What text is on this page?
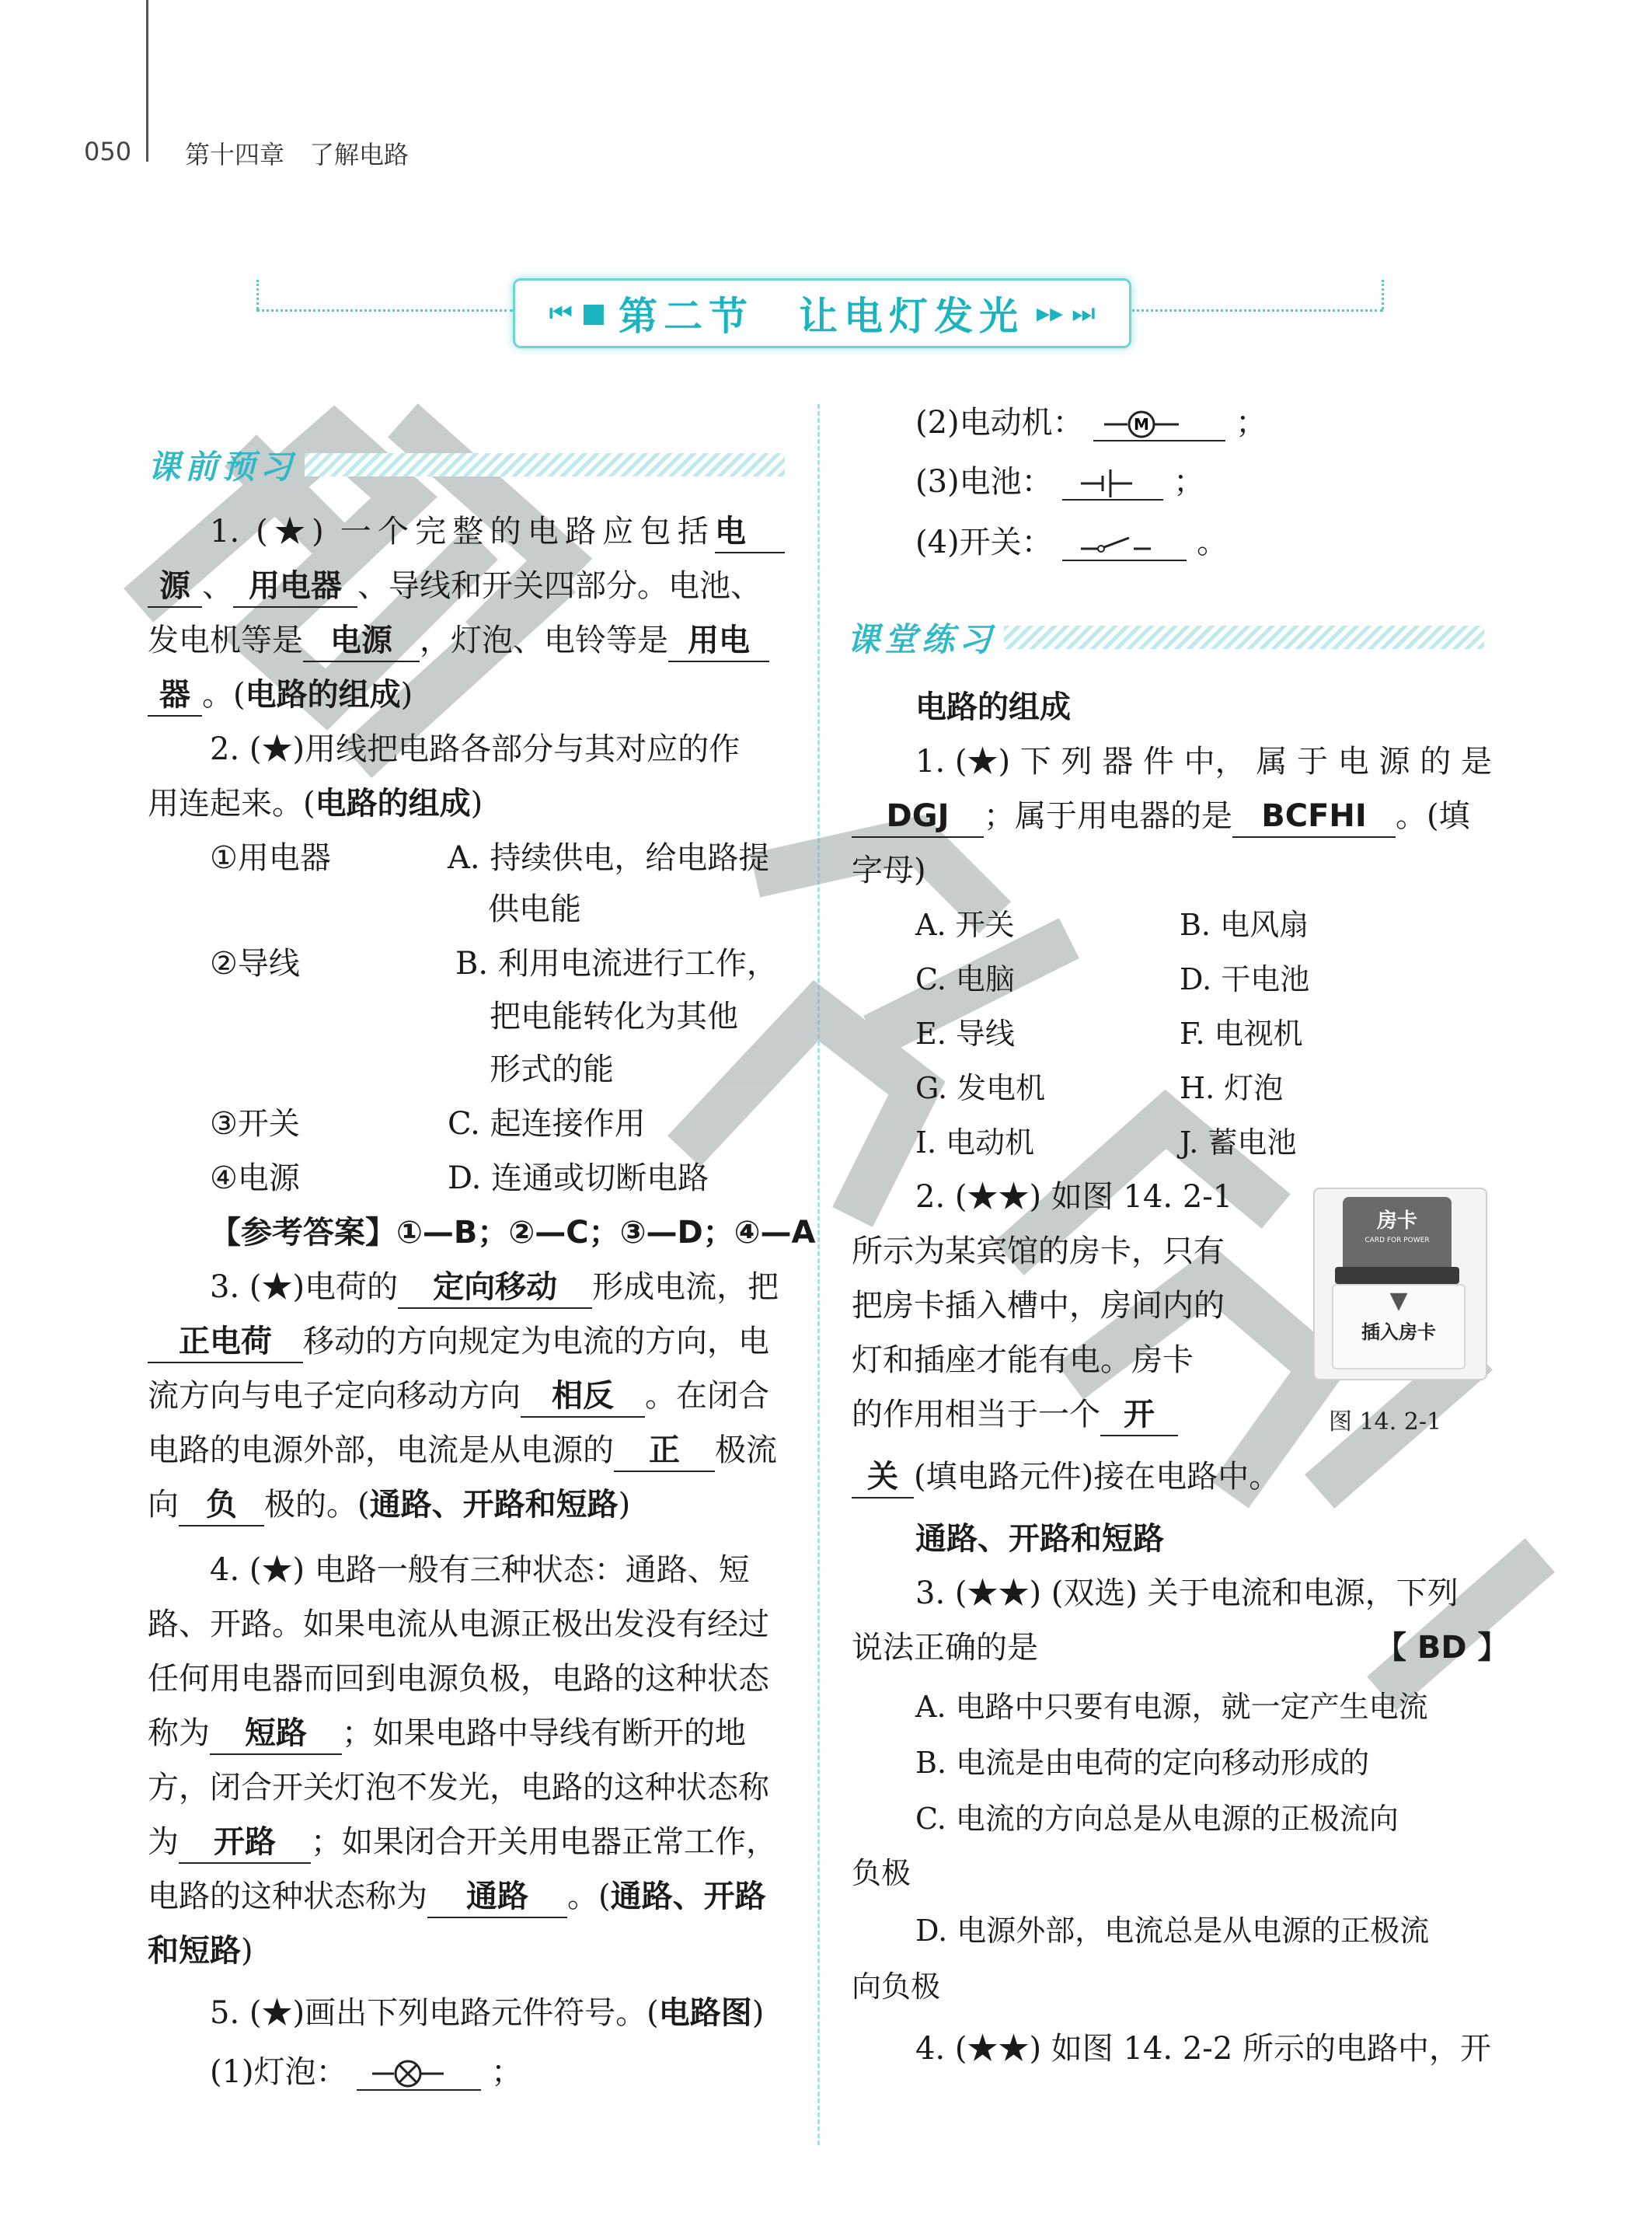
050 第十四章　了解电路
⏮ ■ 第二节　让电灯发光 ▸▸ ⏭
课前预习
1. (★) 一个完整的电路应包括电
源 、 用电器 、导线和开关四部分。电池、
发电机等是 电源 ，灯泡、电铃等是 用电
器 。(电路的组成)
2. (★)用线把电路各部分与其对应的作
用连起来。(电路的组成)
①用电器	A. 持续供电，给电路提
供电能
②导线	B. 利用电流进行工作，
把电能转化为其他
形式的能
③开关	C. 起连接作用
④电源	D. 连通或切断电路
【参考答案】①—B；②—C；③—D；④—A
3. (★)电荷的 定向移动 形成电流，把
正电荷 移动的方向规定为电流的方向，电
流方向与电子定向移动方向 相反 。在闭合
电路的电源外部，电流是从电源的 正 极流
向 负 极的。(通路、开路和短路)
4. (★) 电路一般有三种状态：通路、短
路、开路。如果电流从电源正极出发没有经过
任何用电器而回到电源负极，电路的这种状态
称为 短路 ；如果电路中导线有断开的地
方，闭合开关灯泡不发光，电路的这种状态称
为 开路 ；如果闭合开关用电器正常工作，
电路的这种状态称为 通路 。(通路、开路
和短路)
5. (★)画出下列电路元件符号。(电路图)
(1)灯泡：	；
(2)电动机：	M	；
(3)电池：	；
(4)开关：	。
课堂练习
电路的组成
1. (★) 下 列 器 件 中， 属 于 电 源 的 是
DGJ ；属于用电器的是 BCFHI 。(填
字母)
A. 开关	B. 电风扇
C. 电脑	D. 干电池
E. 导线	F. 电视机
G. 发电机	H. 灯泡
I. 电动机	J. 蓄电池
2. (★★) 如图 14. 2-1
所示为某宾馆的房卡，只有
把房卡插入槽中，房间内的
灯和插座才能有电。房卡
的作用相当于一个 开
关 (填电路元件)接在电路中。
房卡
CARD FOR POWER
▼
插入房卡
图 14. 2-1
通路、开路和短路
3. (★★) (双选) 关于电流和电源，下列
说法正确的是	【 BD 】
A. 电路中只要有电源，就一定产生电流
B. 电流是由电荷的定向移动形成的
C. 电流的方向总是从电源的正极流向
负极
D. 电源外部，电流总是从电源的正极流
向负极
4. (★★) 如图 14. 2-2 所示的电路中，开
